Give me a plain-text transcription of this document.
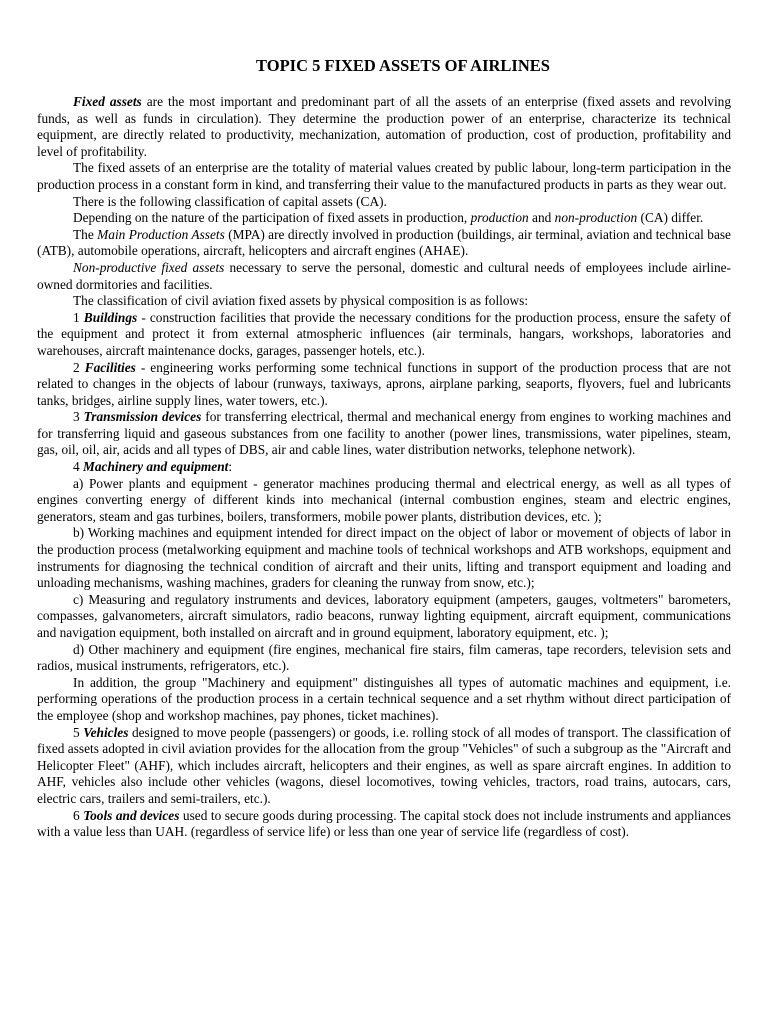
TOPIC 5 FIXED ASSETS OF AIRLINES

Fixed assets are the most important and predominant part of all the assets of an enterprise (fixed assets and revolving funds, as well as funds in circulation). They determine the production power of an enterprise, characterize its technical equipment, are directly related to productivity, mechanization, automation of production, cost of production, profitability and level of profitability.

The fixed assets of an enterprise are the totality of material values created by public labour, long-term participation in the production process in a constant form in kind, and transferring their value to the manufactured products in parts as they wear out.

There is the following classification of capital assets (CA).

Depending on the nature of the participation of fixed assets in production, production and non-production (CA) differ.

The Main Production Assets (MPA) are directly involved in production (buildings, air terminal, aviation and technical base (ATB), automobile operations, aircraft, helicopters and aircraft engines (AHAE).

Non-productive fixed assets necessary to serve the personal, domestic and cultural needs of employees include airline-owned dormitories and facilities.

The classification of civil aviation fixed assets by physical composition is as follows:

1 Buildings - construction facilities that provide the necessary conditions for the production process, ensure the safety of the equipment and protect it from external atmospheric influences (air terminals, hangars, workshops, laboratories and warehouses, aircraft maintenance docks, garages, passenger hotels, etc.).

2 Facilities - engineering works performing some technical functions in support of the production process that are not related to changes in the objects of labour (runways, taxiways, aprons, airplane parking, seaports, flyovers, fuel and lubricants tanks, bridges, airline supply lines, water towers, etc.).

3 Transmission devices for transferring electrical, thermal and mechanical energy from engines to working machines and for transferring liquid and gaseous substances from one facility to another (power lines, transmissions, water pipelines, steam, gas, oil, oil, air, acids and all types of DBS, air and cable lines, water distribution networks, telephone network).

4 Machinery and equipment:

a) Power plants and equipment - generator machines producing thermal and electrical energy, as well as all types of engines converting energy of different kinds into mechanical (internal combustion engines, steam and electric engines, generators, steam and gas turbines, boilers, transformers, mobile power plants, distribution devices, etc. );

b) Working machines and equipment intended for direct impact on the object of labor or movement of objects of labor in the production process (metalworking equipment and machine tools of technical workshops and ATB workshops, equipment and instruments for diagnosing the technical condition of aircraft and their units, lifting and transport equipment and loading and unloading mechanisms, washing machines, graders for cleaning the runway from snow, etc.);

c) Measuring and regulatory instruments and devices, laboratory equipment (ampeters, gauges, voltmeters" barometers, compasses, galvanometers, aircraft simulators, radio beacons, runway lighting equipment, aircraft equipment, communications and navigation equipment, both installed on aircraft and in ground equipment, laboratory equipment, etc. );

d) Other machinery and equipment (fire engines, mechanical fire stairs, film cameras, tape recorders, television sets and radios, musical instruments, refrigerators, etc.).

In addition, the group "Machinery and equipment" distinguishes all types of automatic machines and equipment, i.e. performing operations of the production process in a certain technical sequence and a set rhythm without direct participation of the employee (shop and workshop machines, pay phones, ticket machines).

5 Vehicles designed to move people (passengers) or goods, i.e. rolling stock of all modes of transport. The classification of fixed assets adopted in civil aviation provides for the allocation from the group "Vehicles" of such a subgroup as the "Aircraft and Helicopter Fleet" (AHF), which includes aircraft, helicopters and their engines, as well as spare aircraft engines. In addition to AHF, vehicles also include other vehicles (wagons, diesel locomotives, towing vehicles, tractors, road trains, autocars, cars, electric cars, trailers and semi-trailers, etc.).

6 Tools and devices used to secure goods during processing. The capital stock does not include instruments and appliances with a value less than UAH. (regardless of service life) or less than one year of service life (regardless of cost).
